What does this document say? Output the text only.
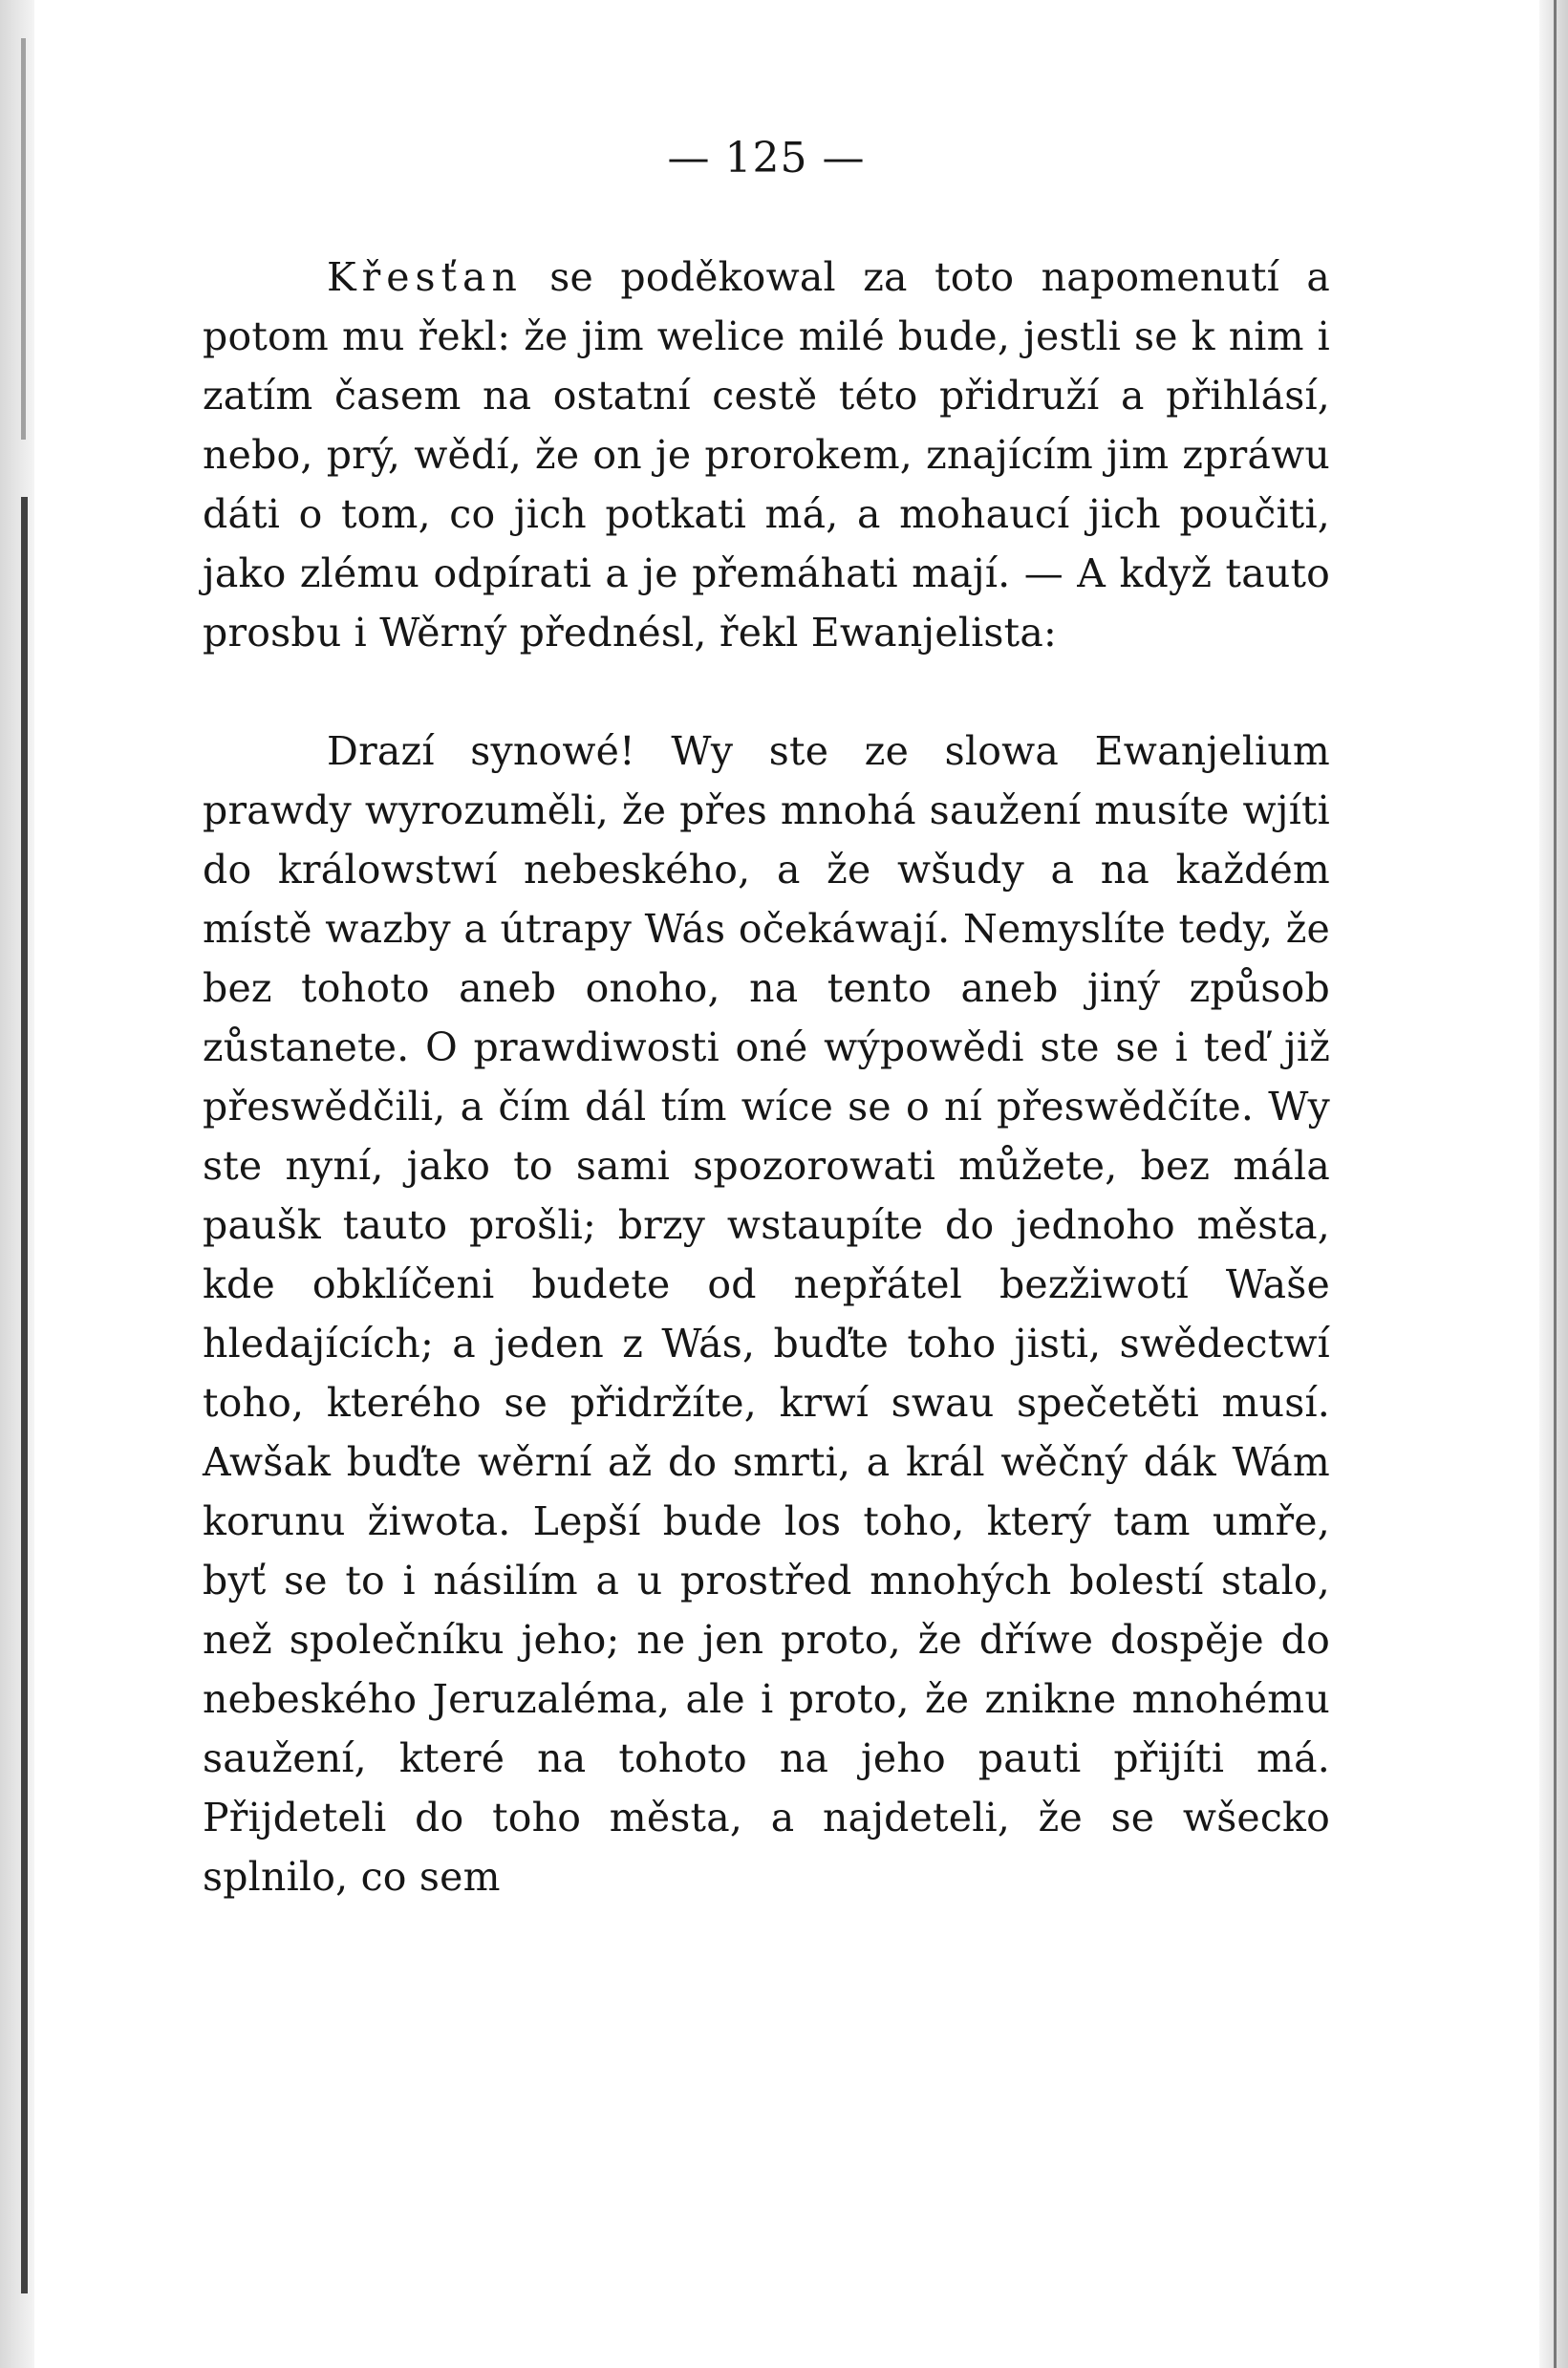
— 125 —

Křesťan se poděkowal za toto napomenutí a potom mu řekl: že jim welice milé bude, jestli se k nim i zatím časem na ostatní cestě této přidruží a přihlásí, nebo, prý, wědí, že on je prorokem, znajícím jim zpráwu dáti o tom, co jich potkati má, a mohaucí jich poučiti, jako zlému odpírati a je přemáhati mají. — A když tauto prosbu i Wěrný přednésl, řekl Ewanjelista:

Drazí synowé! Wy ste ze slowa Ewanjelium prawdy wyrozuměli, že přes mnohá saužení musíte wjíti do králowstwí nebeského, a že wšudy a na každém místě wazby a útrapy Wás očekáwají. Nemyslíte tedy, že bez tohoto aneb onoho, na tento aneb jiný způsob zůstanete. O prawdiwosti oné wýpowědi ste se i teď již přeswědčili, a čím dál tím wíce se o ní přeswědčíte. Wy ste nyní, jako to sami spozorowati můžete, bez mála paušk tauto prošli; brzy wstaupíte do jednoho města, kde obklíčeni budete od nepřátel bezžiwotí Waše hledajících; a jeden z Wás, buďte toho jisti, swědectwí toho, kterého se přidržíte, krwí swau spečetěti musí. Awšak buďte wěrní až do smrti, a král wěčný dák Wám korunu žiwota. Lepší bude los toho, který tam umře, byť se to i násilím a u prostřed mnohých bolestí stalo, než společníku jeho; ne jen proto, že dříwe dospěje do nebeského Jeruzaléma, ale i proto, že znikne mnohému saužení, které na tohoto na jeho pauti přijíti má. Přijdeteli do toho města, a najdeteli, že se wšecko splnilo, co sem
